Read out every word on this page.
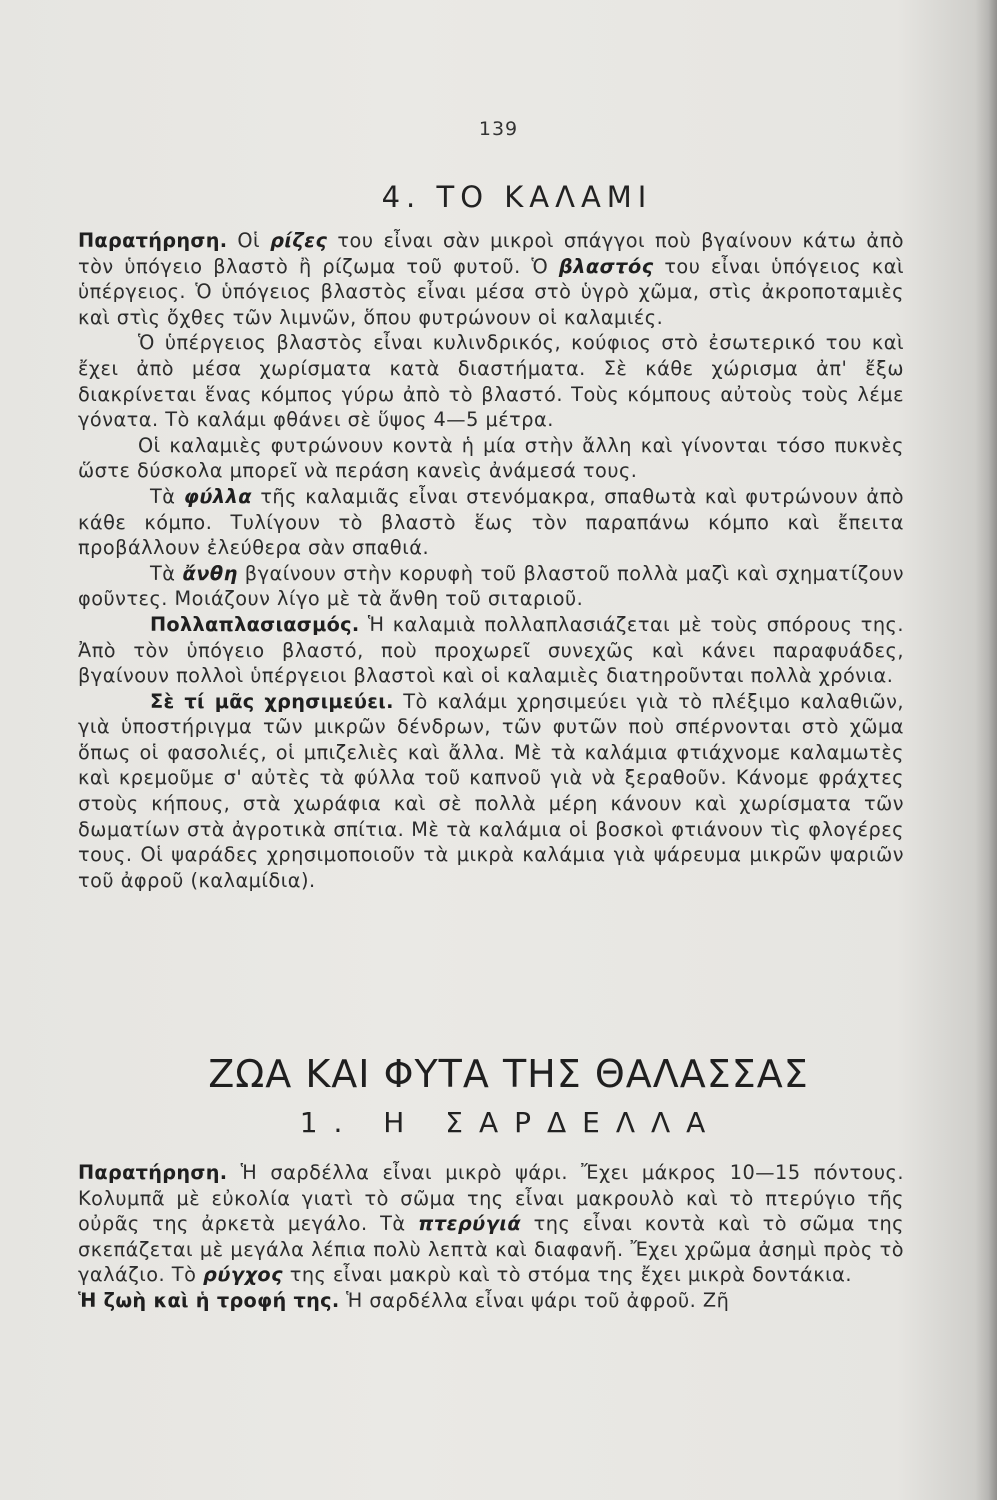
139
4. ΤΟ ΚΑΛΑΜΙ

Παρατήρηση. Οἱ ρίζες του εἶναι σὰν μικροὶ σπάγγοι ποὺ βγαίνουν κάτω ἀπὸ τὸν ὑπόγειο βλαστὸ ἢ ρίζωμα τοῦ φυτοῦ. Ὁ βλαστός του εἶναι ὑπόγειος καὶ ὑπέργειος. Ὁ ὑπόγειος βλαστὸς εἶναι μέσα στὸ ὑγρὸ χῶμα, στὶς ἀκροποταμιὲς καὶ στὶς ὄχθες τῶν λιμνῶν, ὅπου φυτρώνουν οἱ καλαμιές.

Ὁ ὑπέργειος βλαστὸς εἶναι κυλινδρικός, κούφιος στὸ ἐσωτερικό του καὶ ἔχει ἀπὸ μέσα χωρίσματα κατὰ διαστήματα. Σὲ κάθε χώρισμα ἀπ' ἔξω διακρίνεται ἕνας κόμπος γύρω ἀπὸ τὸ βλαστό. Τοὺς κόμπους αὐτοὺς τοὺς λέμε γόνατα. Τὸ καλάμι φθάνει σὲ ὕψος 4—5 μέτρα.

Οἱ καλαμιὲς φυτρώνουν κοντὰ ἡ μία στὴν ἄλλη καὶ γίνονται τόσο πυκνὲς ὥστε δύσκολα μπορεῖ νὰ περάση κανεὶς ἀνάμεσά τους.

Τὰ φύλλα τῆς καλαμιᾶς εἶναι στενόμακρα, σπαθωτὰ καὶ φυτρώνουν ἀπὸ κάθε κόμπο. Τυλίγουν τὸ βλαστὸ ἕως τὸν παραπάνω κόμπο καὶ ἔπειτα προβάλλουν ἐλεύθερα σὰν σπαθιά.

Τὰ ἄνθη βγαίνουν στὴν κορυφὴ τοῦ βλαστοῦ πολλὰ μαζὶ καὶ σχηματίζουν φοῦντες. Μοιάζουν λίγο μὲ τὰ ἄνθη τοῦ σιταριοῦ.

Πολλαπλασιασμός. Ἡ καλαμιὰ πολλαπλασιάζεται μὲ τοὺς σπόρους της. Ἀπὸ τὸν ὑπόγειο βλαστό, ποὺ προχωρεῖ συνεχῶς καὶ κάνει παραφυάδες, βγαίνουν πολλοὶ ὑπέργειοι βλαστοὶ καὶ οἱ καλαμιὲς διατηροῦνται πολλὰ χρόνια.

Σὲ τί μᾶς χρησιμεύει. Τὸ καλάμι χρησιμεύει γιὰ τὸ πλέξιμο καλαθιῶν, γιὰ ὑποστήριγμα τῶν μικρῶν δένδρων, τῶν φυτῶν ποὺ σπέρνονται στὸ χῶμα ὅπως οἱ φασολιές, οἱ μπιζελιὲς καὶ ἄλλα. Μὲ τὰ καλάμια φτιάχνομε καλαμωτὲς καὶ κρεμοῦμε σ' αὐτὲς τὰ φύλλα τοῦ καπνοῦ γιὰ νὰ ξεραθοῦν. Κάνομε φράχτες στοὺς κήπους, στὰ χωράφια καὶ σὲ πολλὰ μέρη κάνουν καὶ χωρίσματα τῶν δωματίων στὰ ἀγροτικὰ σπίτια. Μὲ τὰ καλάμια οἱ βοσκοὶ φτιάνουν τὶς φλογέρες τους. Οἱ ψαράδες χρησιμοποιοῦν τὰ μικρὰ καλάμια γιὰ ψάρευμα μικρῶν ψαριῶν τοῦ ἀφροῦ (καλαμίδια).

ΖΩΑ ΚΑΙ ΦΥΤΑ ΤΗΣ ΘΑΛΑΣΣΑΣ
1. Η ΣΑΡΔΕΛΛΑ

Παρατήρηση. Ἡ σαρδέλλα εἶναι μικρὸ ψάρι. Ἔχει μάκρος 10—15 πόντους. Κολυμπᾶ μὲ εὐκολία γιατὶ τὸ σῶμα της εἶναι μακρουλὸ καὶ τὸ πτερύγιο τῆς οὐρᾶς της ἀρκετὰ μεγάλο. Τὰ πτερύγιά της εἶναι κοντὰ καὶ τὸ σῶμα της σκεπάζεται μὲ μεγάλα λέπια πολὺ λεπτὰ καὶ διαφανῆ. Ἔχει χρῶμα ἀσημὶ πρὸς τὸ γαλάζιο. Τὸ ρύγχος της εἶναι μακρὺ καὶ τὸ στόμα της ἔχει μικρὰ δοντάκια.

Ἡ ζωὴ καὶ ἡ τροφή της. Ἡ σαρδέλλα εἶναι ψάρι τοῦ ἀφροῦ. Ζῆ
